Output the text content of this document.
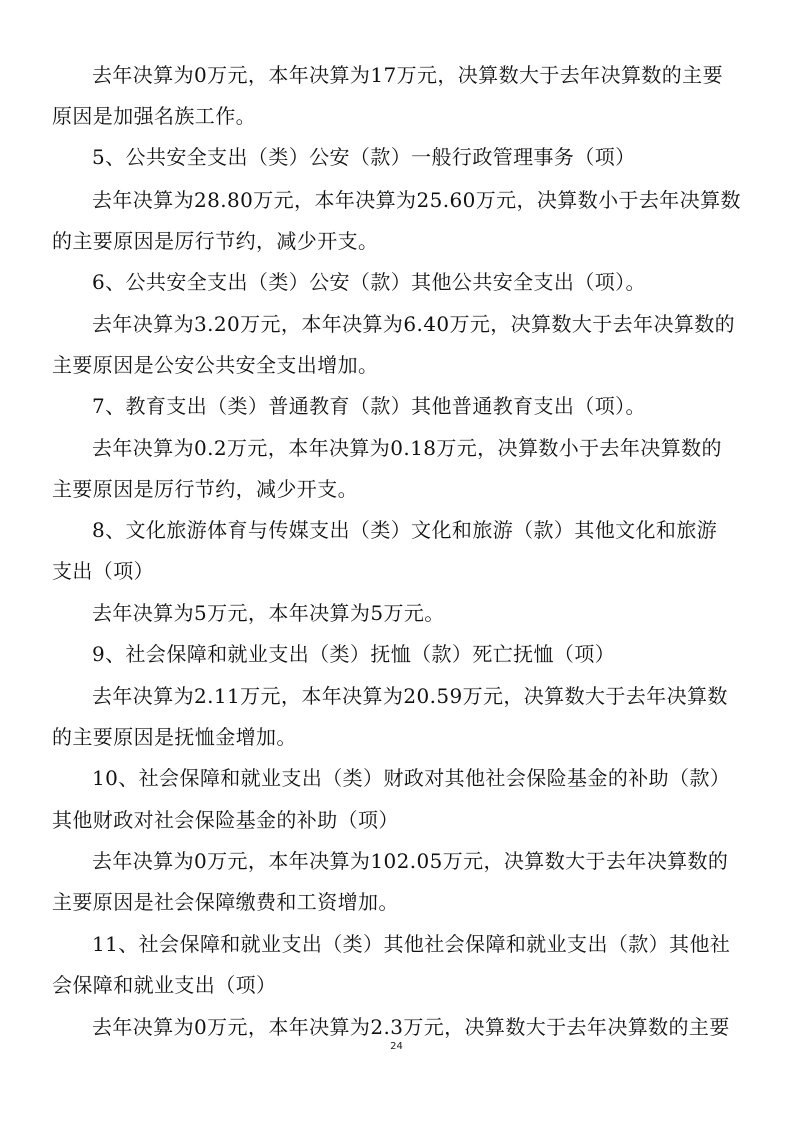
去年决算为0万元，本年决算为17万元，决算数大于去年决算数的主要
原因是加强名族工作。
5、公共安全支出（类）公安（款）一般行政管理事务（项）
去年决算为28.80万元，本年决算为25.60万元，决算数小于去年决算数
的主要原因是厉行节约，减少开支。
6、公共安全支出（类）公安（款）其他公共安全支出（项）。
去年决算为3.20万元，本年决算为6.40万元，决算数大于去年决算数的
主要原因是公安公共安全支出增加。
7、教育支出（类）普通教育（款）其他普通教育支出（项）。
去年决算为0.2万元，本年决算为0.18万元，决算数小于去年决算数的
主要原因是厉行节约，减少开支。
8、文化旅游体育与传媒支出（类）文化和旅游（款）其他文化和旅游
支出（项）
去年决算为5万元，本年决算为5万元。
9、社会保障和就业支出（类）抚恤（款）死亡抚恤（项）
去年决算为2.11万元，本年决算为20.59万元，决算数大于去年决算数
的主要原因是抚恤金增加。
10、社会保障和就业支出（类）财政对其他社会保险基金的补助（款）
其他财政对社会保险基金的补助（项）
去年决算为0万元，本年决算为102.05万元，决算数大于去年决算数的
主要原因是社会保障缴费和工资增加。
11、社会保障和就业支出（类）其他社会保障和就业支出（款）其他社
会保障和就业支出（项）
去年决算为0万元，本年决算为2.3万元，决算数大于去年决算数的主要
24
